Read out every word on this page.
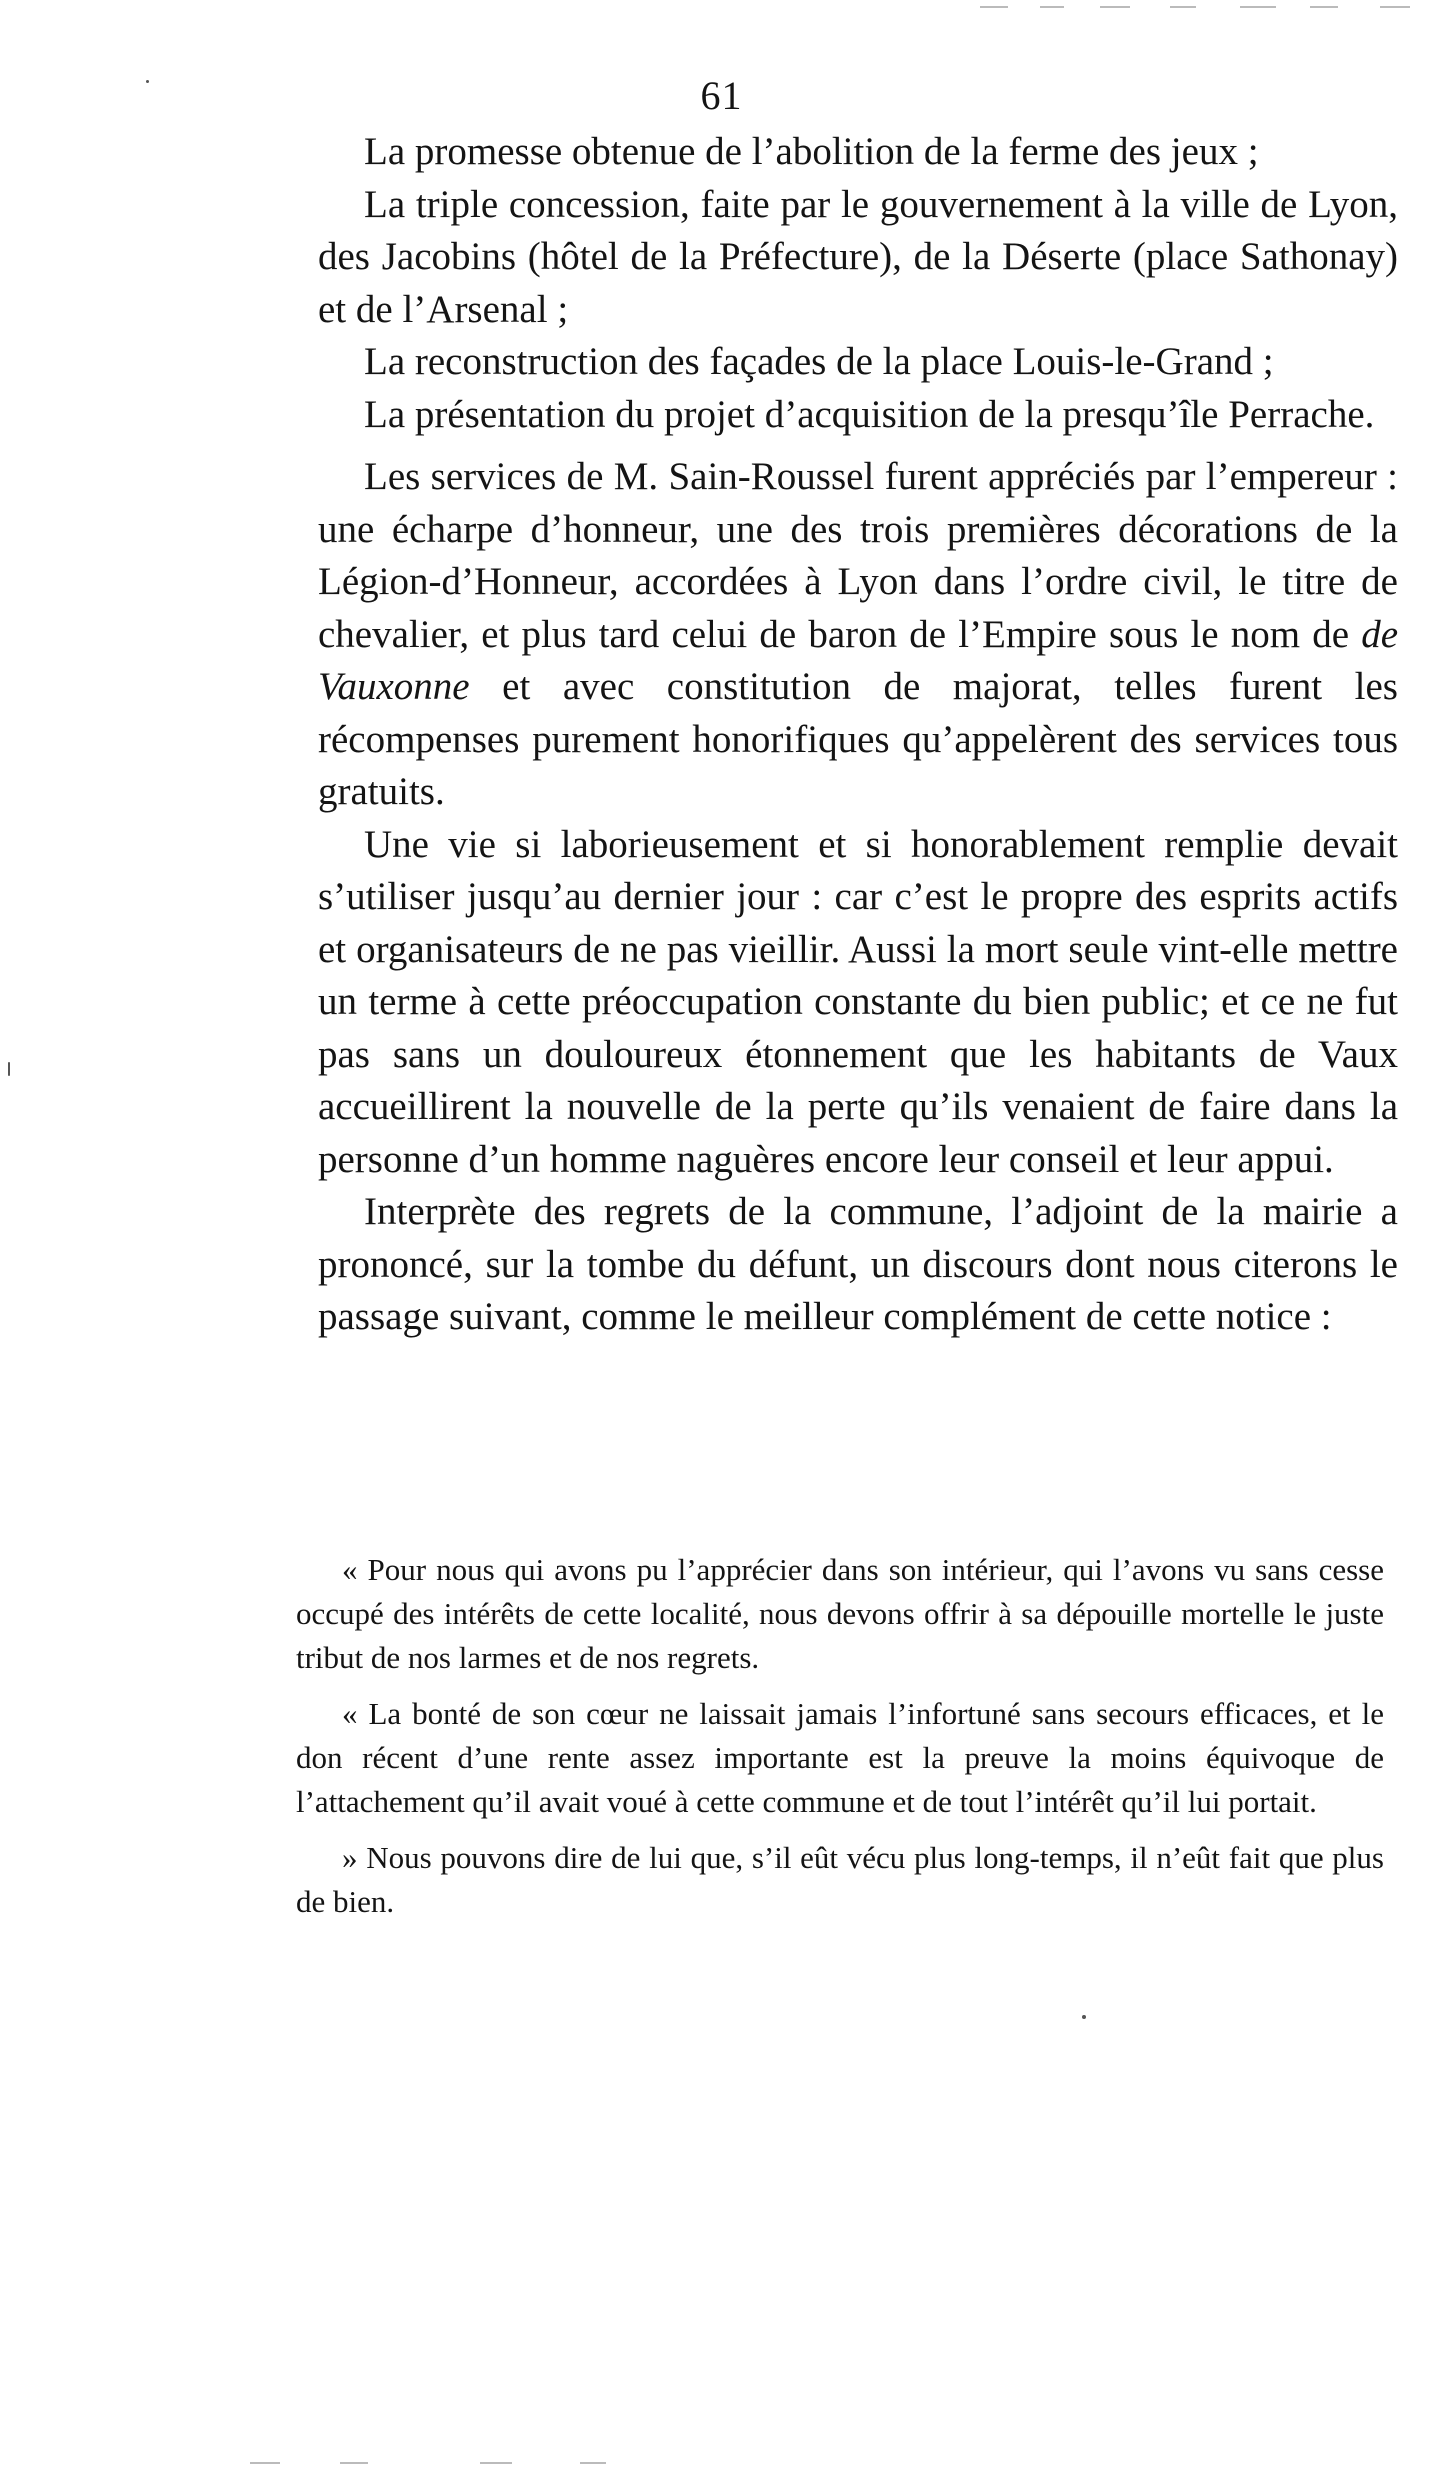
61

La promesse obtenue de l’abolition de la ferme des jeux ;

La triple concession, faite par le gouvernement à la ville de Lyon, des Jacobins (hôtel de la Préfecture), de la Déserte (place Sathonay) et de l’Arsenal ;

La reconstruction des façades de la place Louis-le-Grand ;

La présentation du projet d’acquisition de la presqu’île Perrache.

Les services de M. Sain-Roussel furent appréciés par l’empereur : une écharpe d’honneur, une des trois premières décorations de la Légion-d’Honneur, accordées à Lyon dans l’ordre civil, le titre de chevalier, et plus tard celui de baron de l’Empire sous le nom de de Vauxonne et avec constitution de majorat, telles furent les récompenses purement honorifiques qu’appelèrent des services tous gratuits.

Une vie si laborieusement et si honorablement remplie devait s’utiliser jusqu’au dernier jour : car c’est le propre des esprits actifs et organisateurs de ne pas vieillir. Aussi la mort seule vint-elle mettre un terme à cette préoccupation constante du bien public; et ce ne fut pas sans un douloureux étonnement que les habitants de Vaux accueillirent la nouvelle de la perte qu’ils venaient de faire dans la personne d’un homme naguères encore leur conseil et leur appui.

Interprète des regrets de la commune, l’adjoint de la mairie a prononcé, sur la tombe du défunt, un discours dont nous citerons le passage suivant, comme le meilleur complément de cette notice :

« Pour nous qui avons pu l’apprécier dans son intérieur, qui l’avons vu sans cesse occupé des intérêts de cette localité, nous devons offrir à sa dépouille mortelle le juste tribut de nos larmes et de nos regrets.

« La bonté de son cœur ne laissait jamais l’infortuné sans secours efficaces, et le don récent d’une rente assez importante est la preuve la moins équivoque de l’attachement qu’il avait voué à cette commune et de tout l’intérêt qu’il lui portait.

» Nous pouvons dire de lui que, s’il eût vécu plus long-temps, il n’eût fait que plus de bien.
